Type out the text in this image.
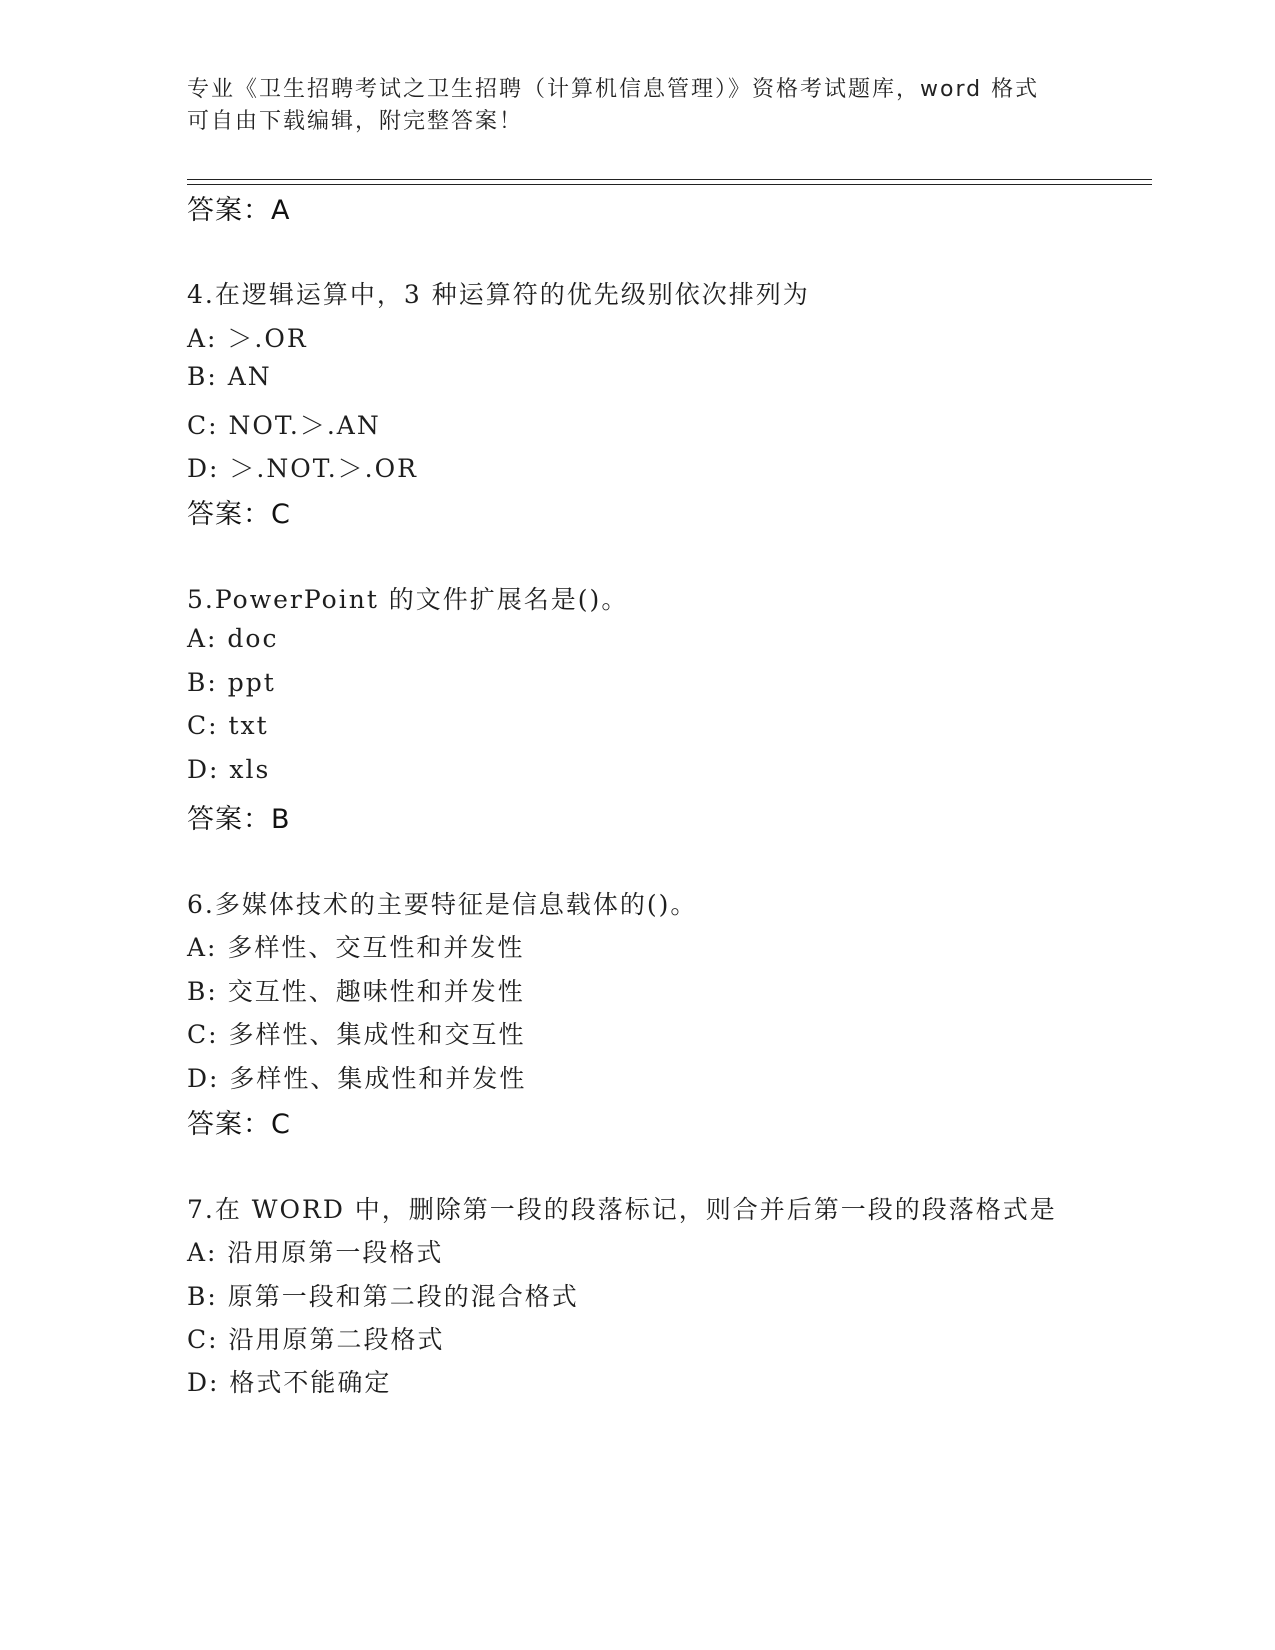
专业《卫生招聘考试之卫生招聘（计算机信息管理）》资格考试题库，word 格式
可自由下载编辑，附完整答案！
答案：A
4.在逻辑运算中，3 种运算符的优先级别依次排列为
A: ＞.OR
B: AN
C: NOT.＞.AN
D: ＞.NOT.＞.OR
答案：C
5.PowerPoint 的文件扩展名是()。
A: doc
B: ppt
C: txt
D: xls
答案：B
6.多媒体技术的主要特征是信息载体的()。
A: 多样性、交互性和并发性
B: 交互性、趣味性和并发性
C: 多样性、集成性和交互性
D: 多样性、集成性和并发性
答案：C
7.在 WORD 中，删除第一段的段落标记，则合并后第一段的段落格式是
A: 沿用原第一段格式
B: 原第一段和第二段的混合格式
C: 沿用原第二段格式
D: 格式不能确定
